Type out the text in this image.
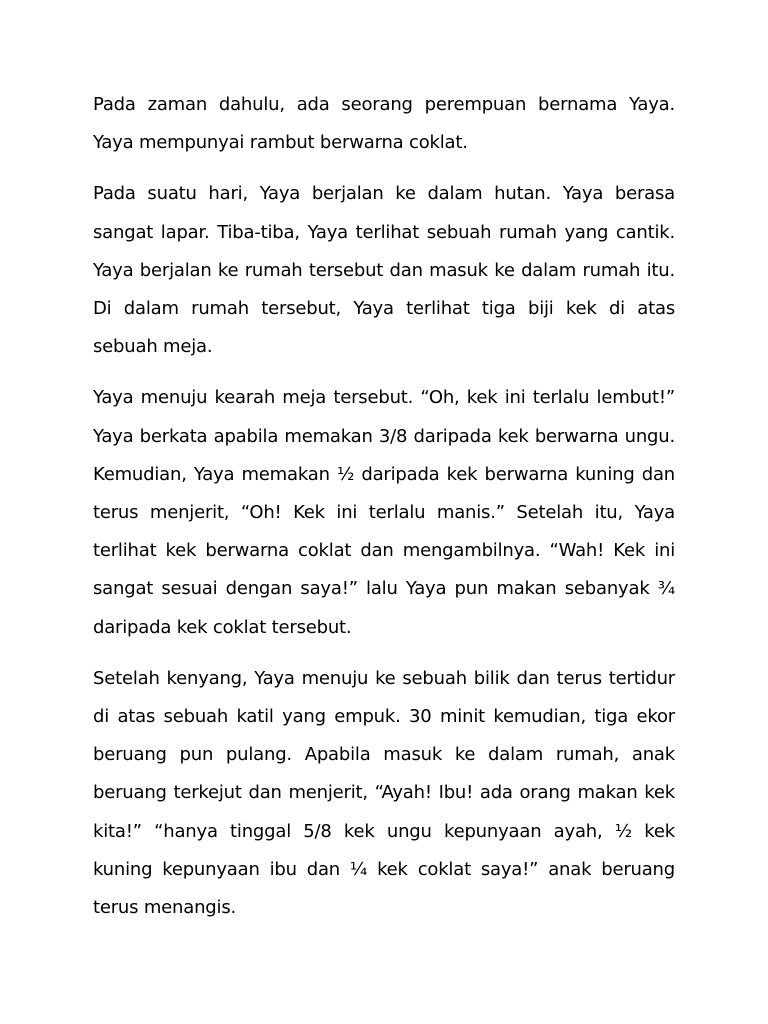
Pada zaman dahulu, ada seorang perempuan bernama Yaya. Yaya mempunyai rambut berwarna coklat.

Pada suatu hari, Yaya berjalan ke dalam hutan. Yaya berasa sangat lapar. Tiba-tiba, Yaya terlihat sebuah rumah yang cantik. Yaya berjalan ke rumah tersebut dan masuk ke dalam rumah itu. Di dalam rumah tersebut, Yaya terlihat tiga biji kek di atas sebuah meja.

Yaya menuju kearah meja tersebut. “Oh, kek ini terlalu lembut!” Yaya berkata apabila memakan 3/8 daripada kek berwarna ungu. Kemudian, Yaya memakan ½ daripada kek berwarna kuning dan terus menjerit, “Oh! Kek ini terlalu manis.” Setelah itu, Yaya terlihat kek berwarna coklat dan mengambilnya. “Wah! Kek ini sangat sesuai dengan saya!” lalu Yaya pun makan sebanyak ¾ daripada kek coklat tersebut.

Setelah kenyang, Yaya menuju ke sebuah bilik dan terus tertidur di atas sebuah katil yang empuk. 30 minit kemudian, tiga ekor beruang pun pulang. Apabila masuk ke dalam rumah, anak beruang terkejut dan menjerit, “Ayah! Ibu! ada orang makan kek kita!” “hanya tinggal 5/8 kek ungu kepunyaan ayah, ½ kek kuning kepunyaan ibu dan ¼ kek coklat saya!” anak beruang terus menangis.
